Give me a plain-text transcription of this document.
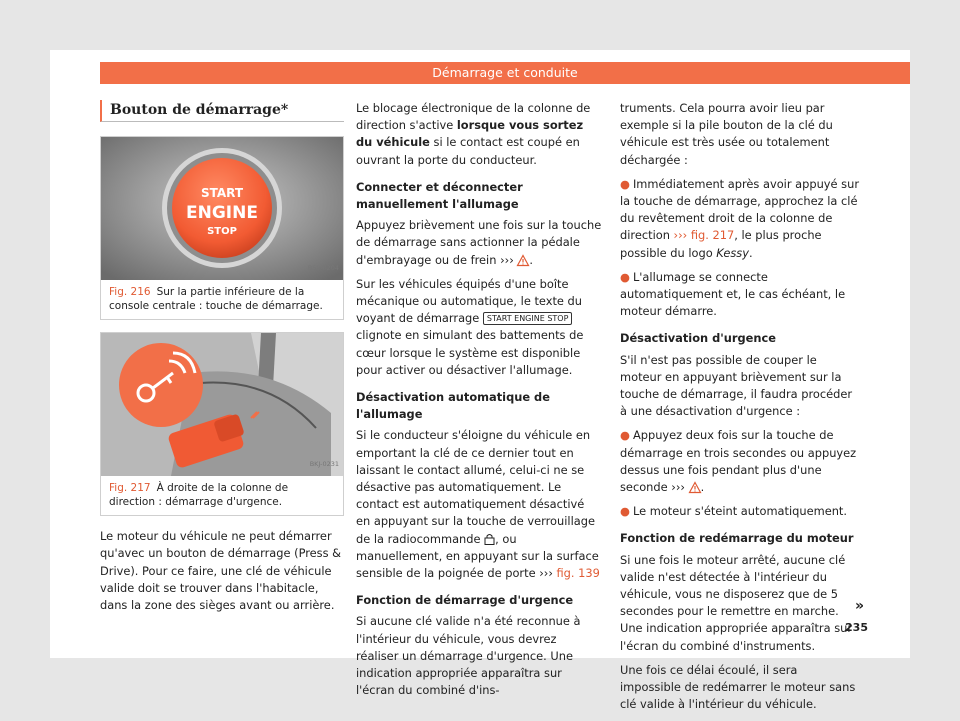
Démarrage et conduite
Bouton de démarrage*
START
ENGINE
STOP
B5F-0204
Fig. 216 Sur la partie inférieure de la console centrale : touche de démarrage.
BKJ-0231
Fig. 217 À droite de la colonne de direction : démarrage d'urgence.

Le moteur du véhicule ne peut démarrer qu'avec un bouton de démarrage (Press & Drive). Pour ce faire, une clé de véhicule valide doit se trouver dans l'habitacle, dans la zone des sièges avant ou arrière.

Le blocage électronique de la colonne de direction s'active lorsque vous sortez du véhicule si le contact est coupé en ouvrant la porte du conducteur.

Connecter et déconnecter manuellement l'allumage

Appuyez brièvement une fois sur la touche de démarrage sans actionner la pédale d'embrayage ou de frein ››› .

Sur les véhicules équipés d'une boîte mécanique ou automatique, le texte du voyant de démarrage START ENGINE STOP clignote en simulant des battements de cœur lorsque le système est disponible pour activer ou désactiver l'allumage.

Désactivation automatique de l'allumage

Si le conducteur s'éloigne du véhicule en emportant la clé de ce dernier tout en laissant le contact allumé, celui-ci ne se désactive pas automatiquement. Le contact est automatiquement désactivé en appuyant sur la touche de verrouillage de la radiocommande , ou manuellement, en appuyant sur la surface sensible de la poignée de porte ››› fig. 139

Fonction de démarrage d'urgence

Si aucune clé valide n'a été reconnue à l'intérieur du véhicule, vous devrez réaliser un démarrage d'urgence. Une indication appropriée apparaîtra sur l'écran du combiné d'ins-

truments. Cela pourra avoir lieu par exemple si la pile bouton de la clé du véhicule est très usée ou totalement déchargée :

● Immédiatement après avoir appuyé sur la touche de démarrage, approchez la clé du revêtement droit de la colonne de direction ››› fig. 217, le plus proche possible du logo Kessy.

● L'allumage se connecte automatiquement et, le cas échéant, le moteur démarre.

Désactivation d'urgence

S'il n'est pas possible de couper le moteur en appuyant brièvement sur la touche de démarrage, il faudra procéder à une désactivation d'urgence :

● Appuyez deux fois sur la touche de démarrage en trois secondes ou appuyez dessus une fois pendant plus d'une seconde ››› .

● Le moteur s'éteint automatiquement.

Fonction de redémarrage du moteur

Si une fois le moteur arrêté, aucune clé valide n'est détectée à l'intérieur du véhicule, vous ne disposerez que de 5 secondes pour le remettre en marche. Une indication appropriée apparaîtra sur l'écran du combiné d'instruments.

Une fois ce délai écoulé, il sera impossible de redémarrer le moteur sans clé valide à l'intérieur du véhicule.

»
235
